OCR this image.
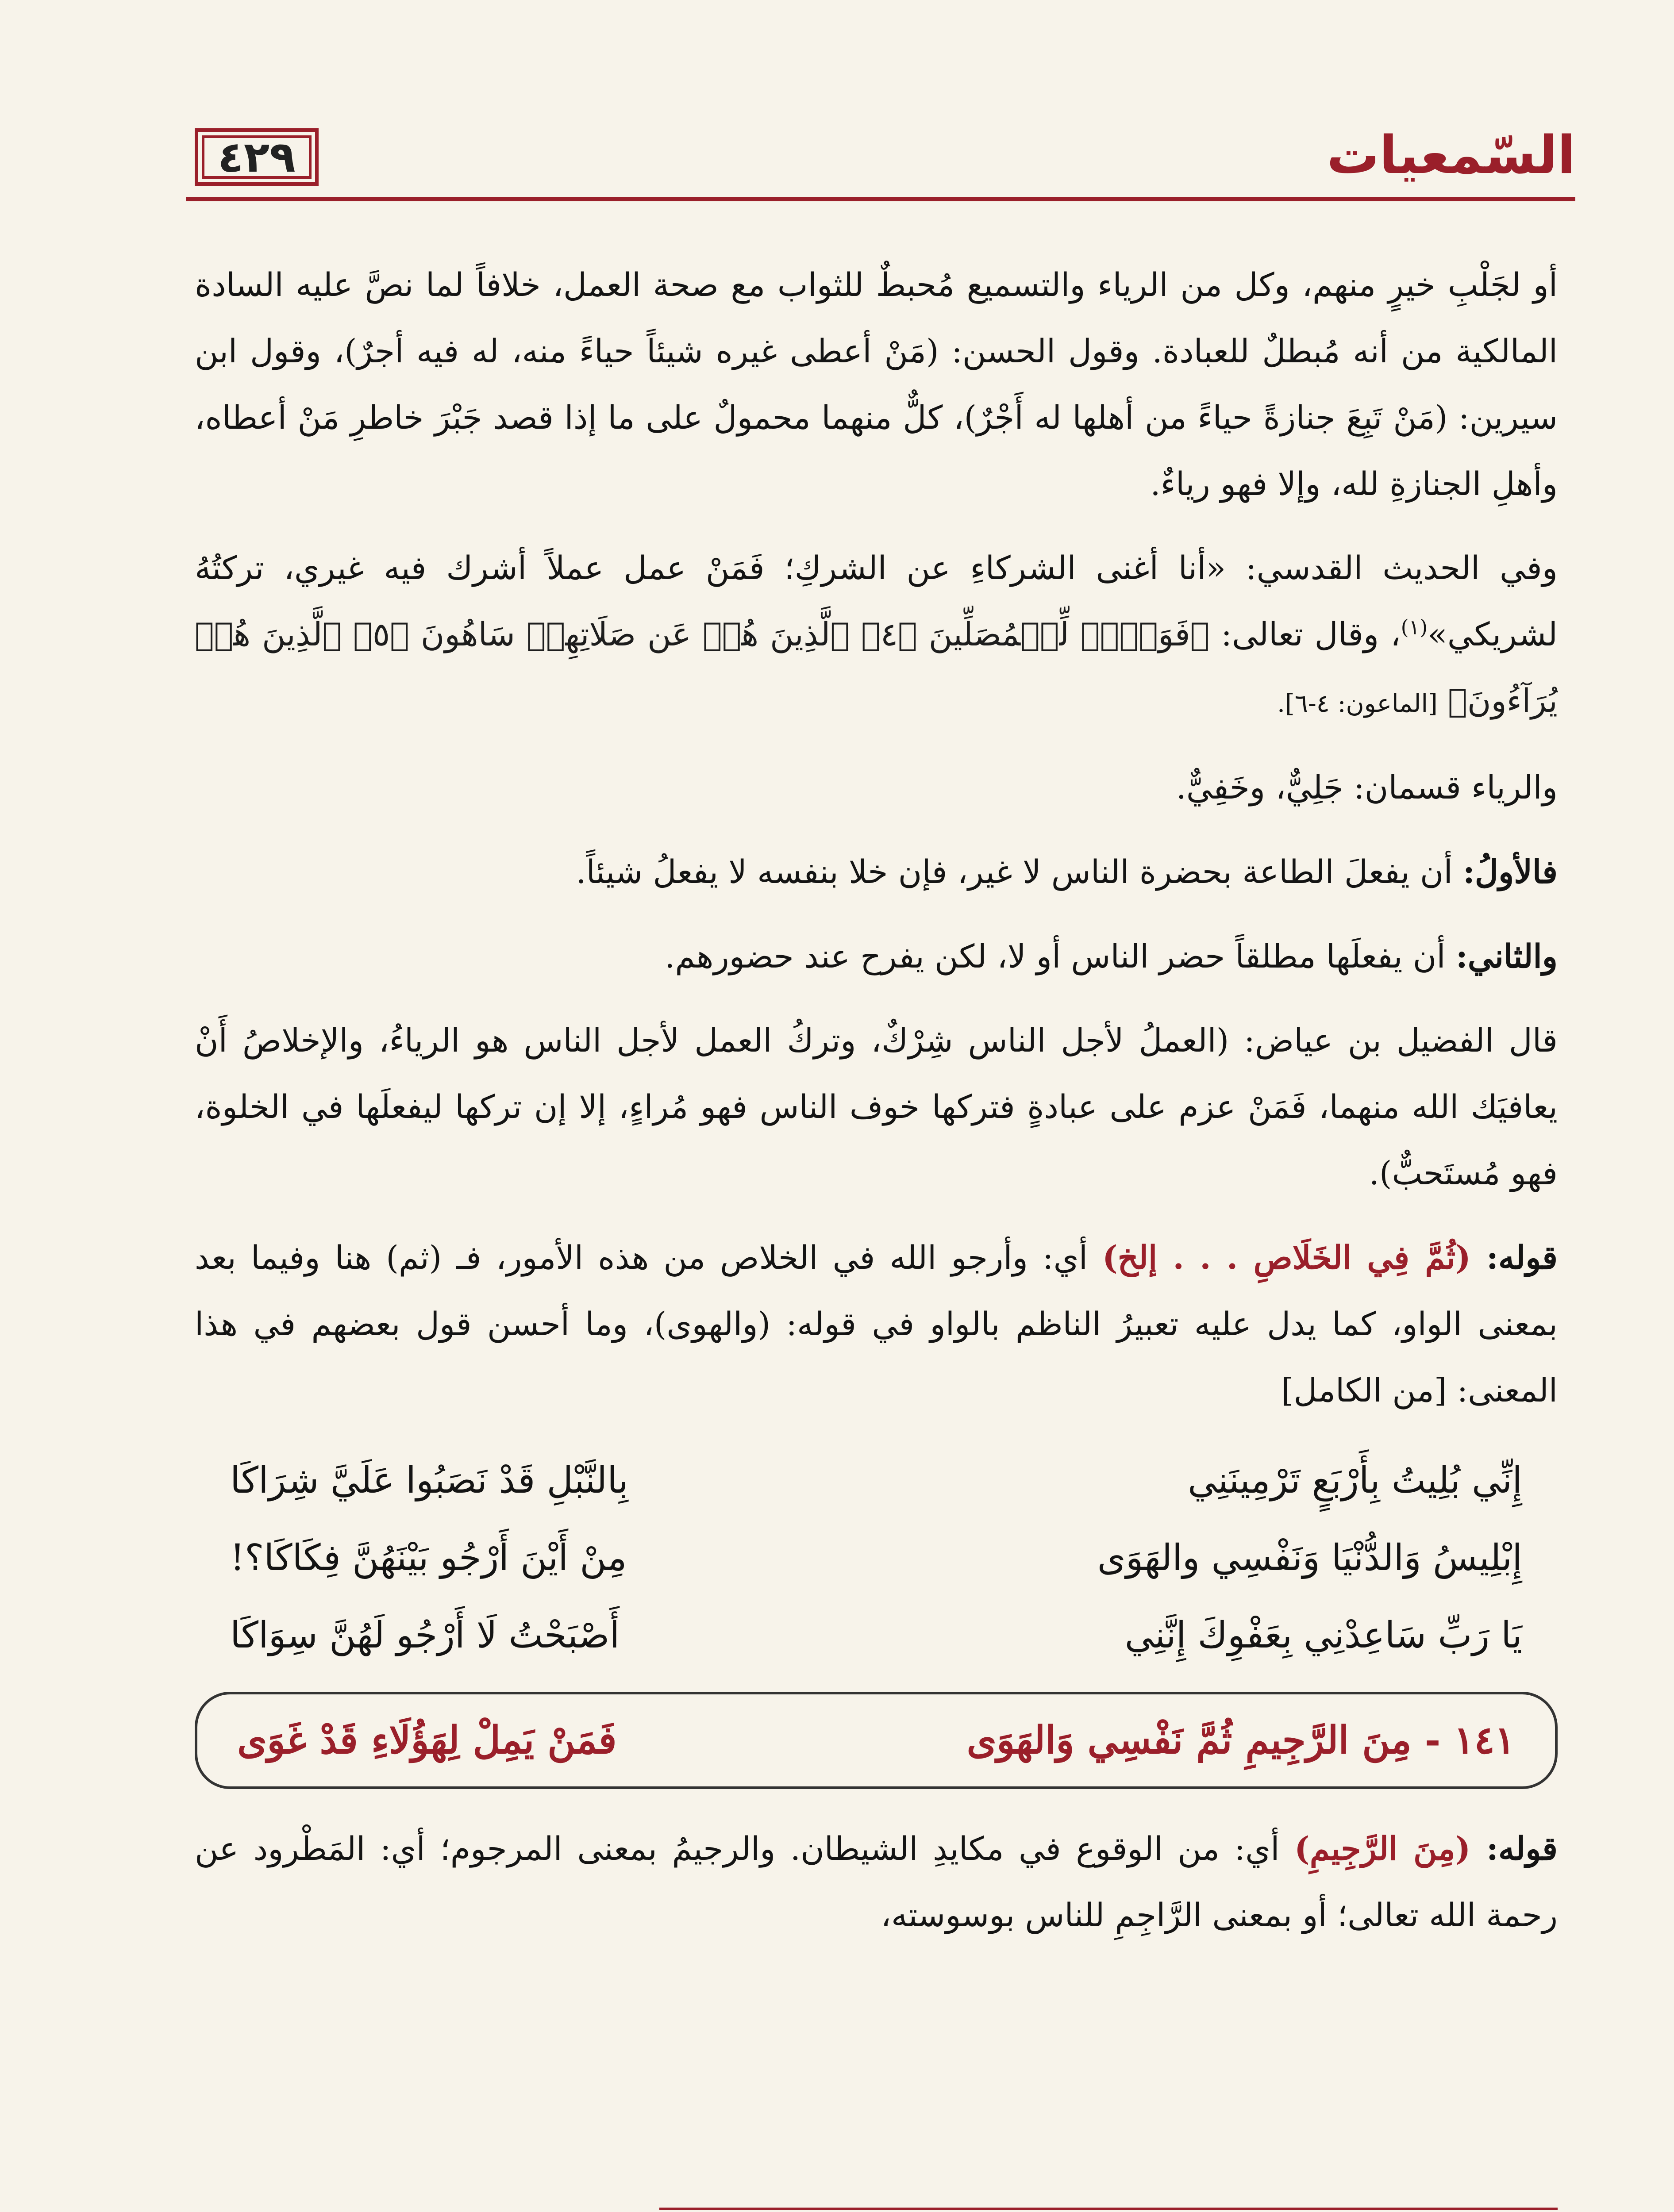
السّمعيات
٤٢٩

أو لجَلْبِ خيرٍ منهم، وكل من الرياء والتسميع مُحبطٌ للثواب مع صحة العمل، خلافاً لما نصَّ عليه السادة المالكية من أنه مُبطلٌ للعبادة. وقول الحسن: (مَنْ أعطى غيره شيئاً حياءً منه، له فيه أجرٌ)، وقول ابن سيرين: (مَنْ تَبِعَ جنازةً حياءً من أهلها له أَجْرٌ)، كلٌّ منهما محمولٌ على ما إذا قصد جَبْرَ خاطرِ مَنْ أعطاه، وأهلِ الجنازةِ لله، وإلا فهو رياءٌ.

وفي الحديث القدسي: «أنا أغنى الشركاءِ عن الشركِ؛ فَمَنْ عمل عملاً أشرك فيه غيري، تركتُهُ لشريكي»$^{(١)}$، وقال تعالى: ﴿فَوَيۡلٞ لِّلۡمُصَلِّينَ ﴿٤﴾ ٱلَّذِينَ هُمۡ عَن صَلَاتِهِمۡ سَاهُونَ ﴿٥﴾ ٱلَّذِينَ هُمۡ يُرَآءُونَ﴾ [الماعون: ٤-٦].

والرياء قسمان: جَلِيٌّ، وخَفِيٌّ.

فالأولُ: أن يفعلَ الطاعة بحضرة الناس لا غير، فإن خلا بنفسه لا يفعلُ شيئاً.

والثاني: أن يفعلَها مطلقاً حضر الناس أو لا، لكن يفرح عند حضورهم.

قال الفضيل بن عياض: (العملُ لأجل الناس شِرْكٌ، وتركُ العمل لأجل الناس هو الرياءُ، والإخلاصُ أَنْ يعافيَك الله منهما، فَمَنْ عزم على عبادةٍ فتركها خوف الناس فهو مُراءٍ، إلا إن تركها ليفعلَها في الخلوة، فهو مُستَحبٌّ).

قوله: (ثُمَّ فِي الخَلَاصِ . . . إلخ) أي: وأرجو الله في الخلاص من هذه الأمور، فـ (ثم) هنا وفيما بعد بمعنى الواو، كما يدل عليه تعبيرُ الناظم بالواو في قوله: (والهوى)، وما أحسن قول بعضهم في هذا المعنى: [من الكامل]

إِنِّي بُلِيتُ بِأَرْبَعٍ تَرْمِينَنِي
بِالنَّبْلِ قَدْ نَصَبُوا عَلَيَّ شِرَاكَا
إِبْلِيسُ وَالدُّنْيَا وَنَفْسِي والهَوَى
مِنْ أَيْنَ أَرْجُو بَيْنَهُنَّ فِكَاكَا؟!
يَا رَبِّ سَاعِدْنِي بِعَفْوِكَ إِنَّنِي
أَصْبَحْتُ لَا أَرْجُو لَهُنَّ سِوَاكَا
١٤١ - مِنَ الرَّجِيمِ ثُمَّ نَفْسِي وَالهَوَى
فَمَنْ يَمِلْ لِهَؤُلَاءِ قَدْ غَوَى

قوله: (مِنَ الرَّجِيمِ) أي: من الوقوع في مكايدِ الشيطان. والرجيمُ بمعنى المرجوم؛ أي: المَطْرود عن رحمة الله تعالى؛ أو بمعنى الرَّاجِمِ للناس بوسوسته،
